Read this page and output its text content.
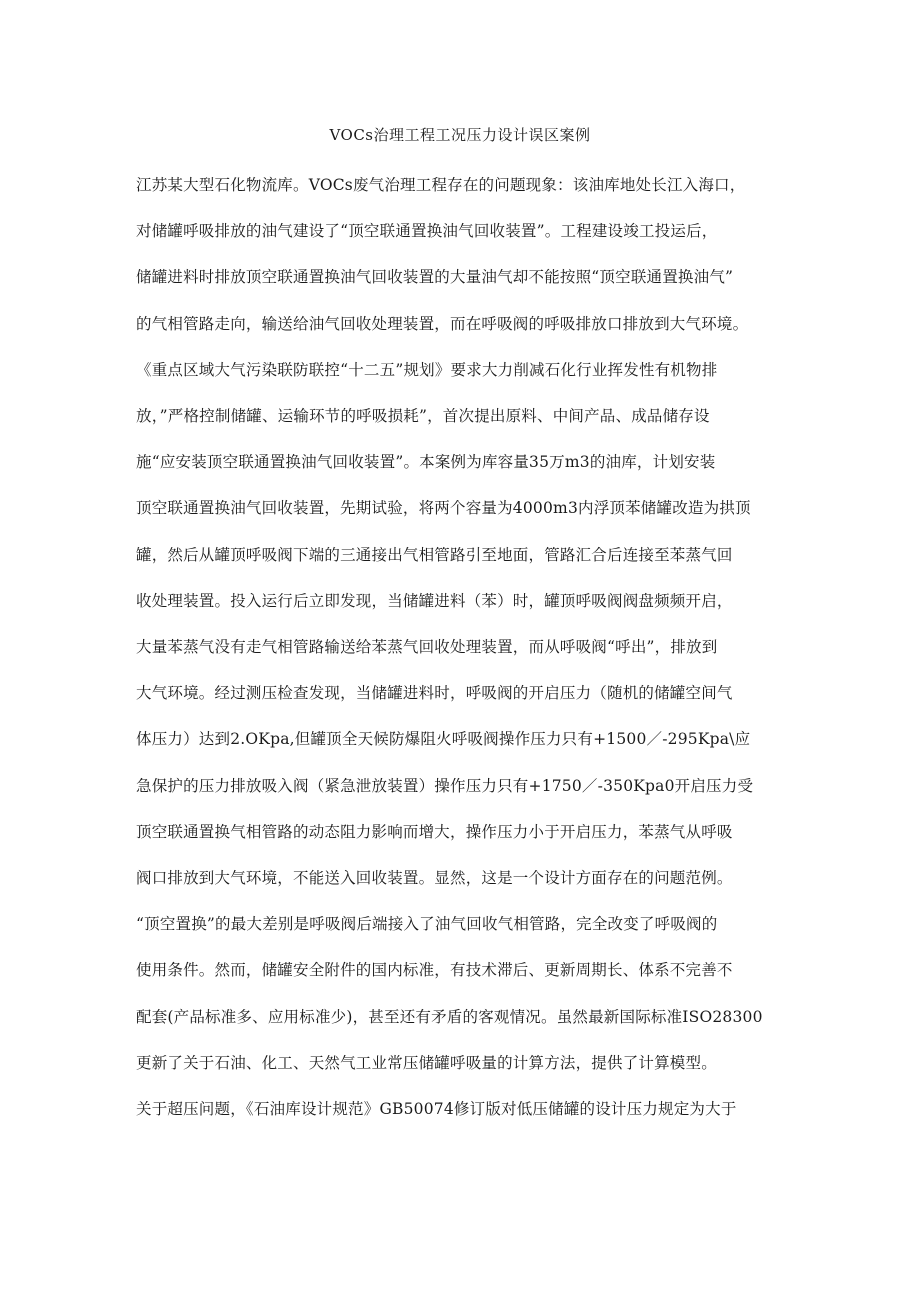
VOCs治理工程工况压力设计误区案例
江苏某大型石化物流库。VOCs废气治理工程存在的问题现象：该油库地处长江入海口，
对储罐呼吸排放的油气建设了“顶空联通置换油气回收装置”。工程建设竣工投运后，
储罐进料时排放顶空联通置换油气回收装置的大量油气却不能按照“顶空联通置换油气”
的气相管路走向，输送给油气回收处理装置，而在呼吸阀的呼吸排放口排放到大气环境。
《重点区域大气污染联防联控“十二五”规划》要求大力削减石化行业挥发性有机物排
放，”严格控制储罐、运输环节的呼吸损耗”，首次提出原料、中间产品、成品储存设
施“应安装顶空联通置换油气回收装置”。本案例为库容量35万m3的油库，计划安装
顶空联通置换油气回收装置，先期试验，将两个容量为4000m3内浮顶苯储罐改造为拱顶
罐，然后从罐顶呼吸阀下端的三通接出气相管路引至地面，管路汇合后连接至苯蒸气回
收处理装置。投入运行后立即发现，当储罐进料（苯）时，罐顶呼吸阀阀盘频频开启，
大量苯蒸气没有走气相管路输送给苯蒸气回收处理装置，而从呼吸阀“呼出”，排放到
大气环境。经过测压检查发现，当储罐进料时，呼吸阀的开启压力（随机的储罐空间气
体压力）达到2.OKpa,但罐顶全天候防爆阻火呼吸阀操作压力只有+1500／-295Kpa\应
急保护的压力排放吸入阀（紧急泄放装置）操作压力只有+1750／-350Kpa0开启压力受
顶空联通置换气相管路的动态阻力影响而增大，操作压力小于开启压力，苯蒸气从呼吸
阀口排放到大气环境，不能送入回收装置。显然，这是一个设计方面存在的问题范例。
“顶空置换”的最大差别是呼吸阀后端接入了油气回收气相管路，完全改变了呼吸阀的
使用条件。然而，储罐安全附件的国内标准，有技术滞后、更新周期长、体系不完善不
配套(产品标准多、应用标准少)，甚至还有矛盾的客观情况。虽然最新国际标准ISO28300
更新了关于石油、化工、天然气工业常压储罐呼吸量的计算方法，提供了计算模型。
关于超压问题，《石油库设计规范》GB50074修订版对低压储罐的设计压力规定为大于
